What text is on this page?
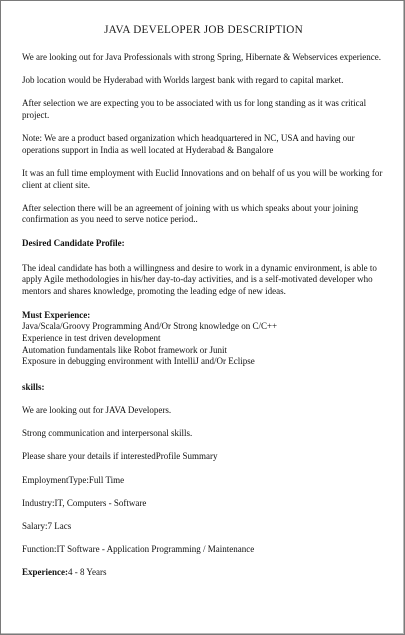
JAVA DEVELOPER JOB DESCRIPTION

We are looking out for Java Professionals with strong Spring, Hibernate & Webservices experience.

Job location would be Hyderabad with Worlds largest bank with regard to capital market.

After selection we are expecting you to be associated with us for long standing as it was critical project.

Note: We are a product based organization which headquartered in NC, USA and having our operations support in India as well located at Hyderabad & Bangalore

It was an full time employment with Euclid Innovations and on behalf of us you will be working for client at client site.

After selection there will be an agreement of joining with us which speaks about your joining confirmation as you need to serve notice period..

Desired Candidate Profile:

The ideal candidate has both a willingness and desire to work in a dynamic environment, is able to apply Agile methodologies in his/her day-to-day activities, and is a self-motivated developer who mentors and shares knowledge, promoting the leading edge of new ideas.

Must Experience:
Java/Scala/Groovy Programming And/Or Strong knowledge on C/C++
Experience in test driven development
Automation fundamentals like Robot framework or Junit
Exposure in debugging environment with IntelliJ and/Or Eclipse

skills:

We are looking out for JAVA Developers.

Strong communication and interpersonal skills.

Please share your details if interestedProfile Summary

EmploymentType:Full Time

Industry:IT, Computers - Software

Salary:7 Lacs

Function:IT Software - Application Programming / Maintenance

Experience:4 - 8 Years
